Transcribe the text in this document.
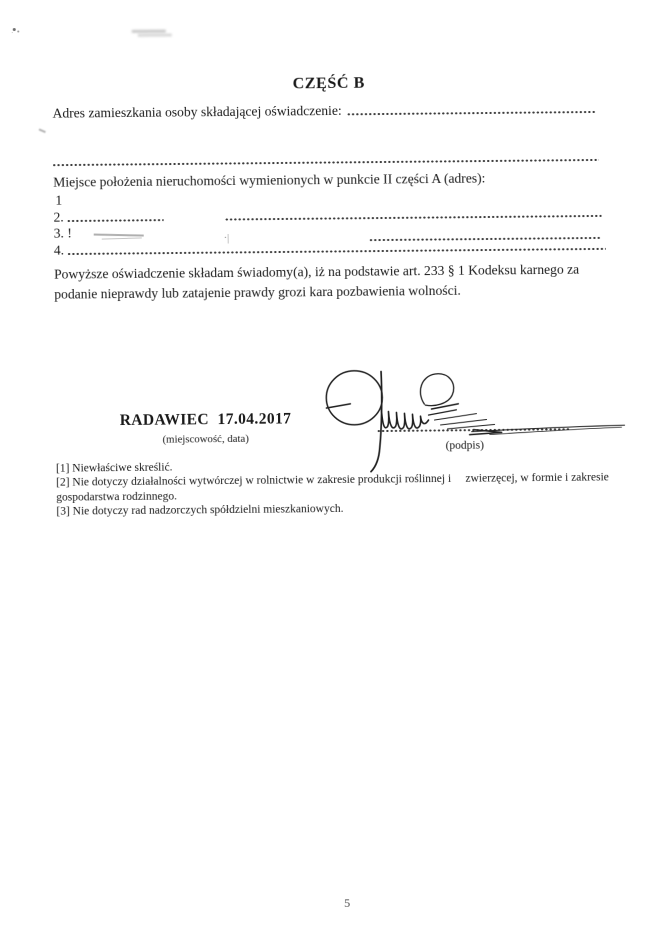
CZĘŚĆ B
Adres zamieszkania osoby składającej oświadczenie:
Miejsce położenia nieruchomości wymienionych w punkcie II części A (adres):
1
2.
3. !	·|
4.
Powyższe oświadczenie składam świadomy(a), iż na podstawie art. 233 § 1 Kodeksu karnego za podanie nieprawdy lub zatajenie prawdy grozi kara pozbawienia wolności.
RADAWIEC  17.04.2017
(miejscowość, data)
(podpis)
[1] Niewłaściwe skreślić.
[2] Nie dotyczy działalności wytwórczej w rolnictwie w zakresie produkcji roślinnej i     zwierzęcej, w formie i zakresie gospodarstwa rodzinnego.
[3] Nie dotyczy rad nadzorczych spółdzielni mieszkaniowych.
5
